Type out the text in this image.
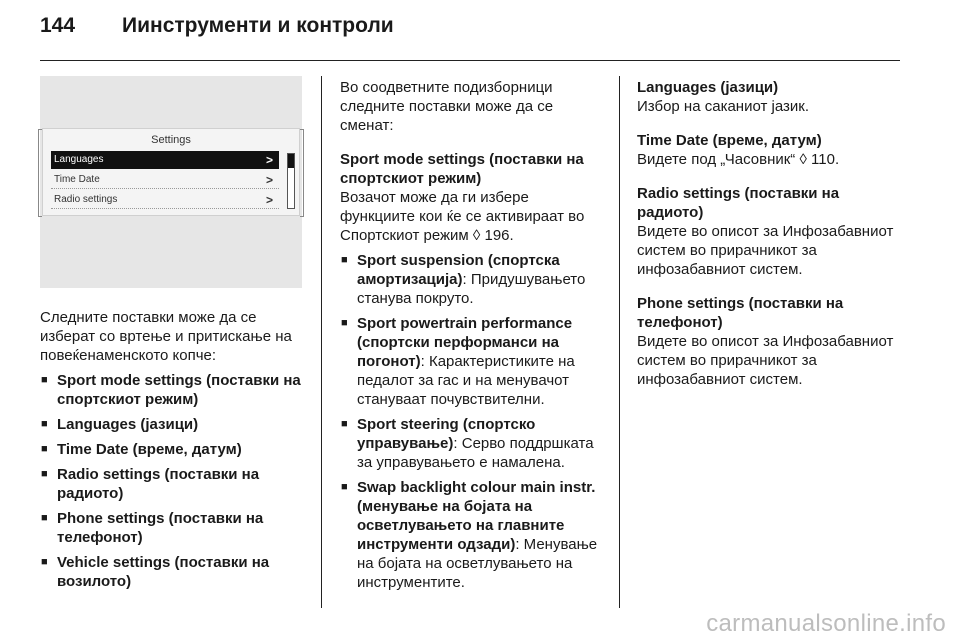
144	Иинструменти и контроли
Settings
Languages	>
Time Date	>
Radio settings	>

Следните поставки може да се изберат со вртење и притискање на повеќенаменското копче:

■ Sport mode settings (поставки на спортскиот режим)
■ Languages (јазици)
■ Time Date (време, датум)
■ Radio settings (поставки на радиото)
■ Phone settings (поставки на телефонот)
■ Vehicle settings (поставки на возилото)

Во соодветните подизборници следните поставки може да се сменат:

Sport mode settings (поставки на спортскиот режим)

Возачот може да ги избере функциите кои ќе се активираат во Спортскиот режим ◊ 196.

■ Sport suspension (спортска амортизација): Придушувањето станува покруто.
■ Sport powertrain performance (спортски перформанси на погонот): Карактеристиките на педалот за гас и на менувачот стануваат почувствителни.
■ Sport steering (спортско управување): Серво поддршката за управувањето е намалена.
■ Swap backlight colour main instr. (менување на бојата на осветлувањето на главните инструменти одзади): Менување на бојата на осветлувањето на инструментите.

Languages (јазици)

Избор на саканиот јазик.

Time Date (време, датум)

Видете под „Часовник“ ◊ 110.

Radio settings (поставки на радиото)

Видете во описот за Инфозабавниот систем во прирачникот за инфозабавниот систем.

Phone settings (поставки на телефонот)

Видете во описот за Инфозабавниот систем во прирачникот за инфозабавниот систем.

carmanualsonline.info
